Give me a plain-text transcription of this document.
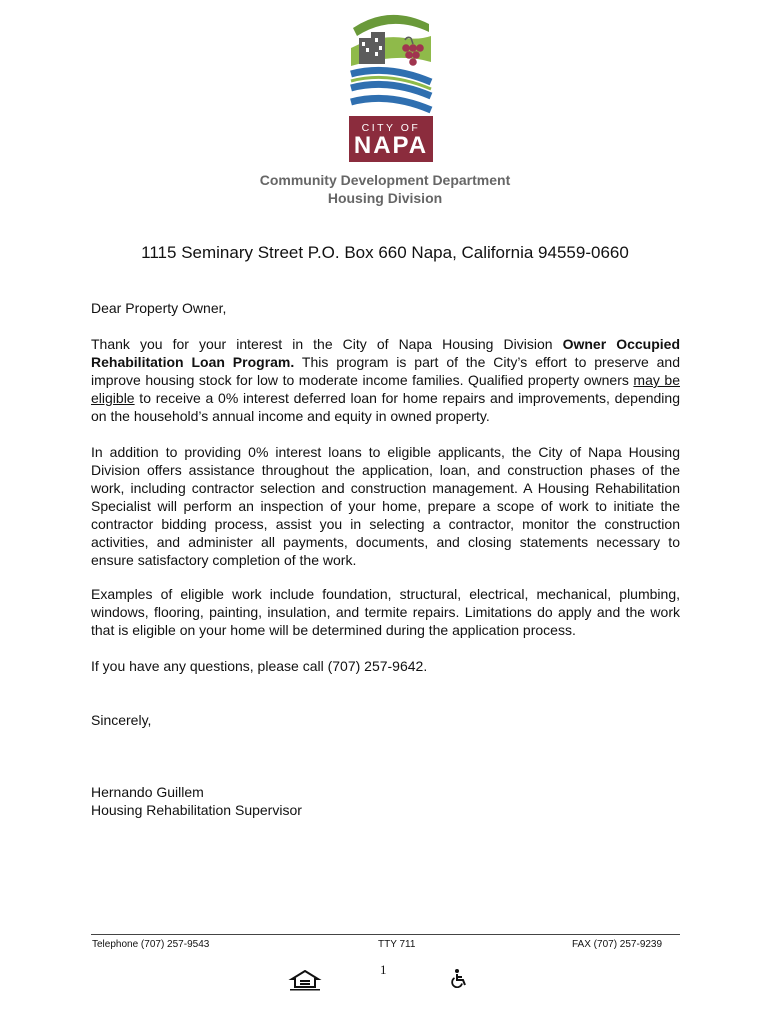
CITY OF
NAPA
Community Development Department
Housing Division
1115 Seminary Street P.O. Box 660 Napa, California 94559-0660
Dear Property Owner,
Thank you for your interest in the City of Napa Housing Division Owner Occupied Rehabilitation Loan Program. This program is part of the City’s effort to preserve and improve housing stock for low to moderate income families. Qualified property owners may be eligible to receive a 0% interest deferred loan for home repairs and improvements, depending on the household’s annual income and equity in owned property.
In addition to providing 0% interest loans to eligible applicants, the City of Napa Housing Division offers assistance throughout the application, loan, and construction phases of the work, including contractor selection and construction management. A Housing Rehabilitation Specialist will perform an inspection of your home, prepare a scope of work to initiate the contractor bidding process, assist you in selecting a contractor, monitor the construction activities, and administer all payments, documents, and closing statements necessary to ensure satisfactory completion of the work.
Examples of eligible work include foundation, structural, electrical, mechanical, plumbing, windows, flooring, painting, insulation, and termite repairs. Limitations do apply and the work that is eligible on your home will be determined during the application process.
If you have any questions, please call (707) 257-9642.
Sincerely,
Hernando Guillem
Housing Rehabilitation Supervisor
Telephone (707) 257-9543	TTY 711	FAX (707) 257-9239
1
